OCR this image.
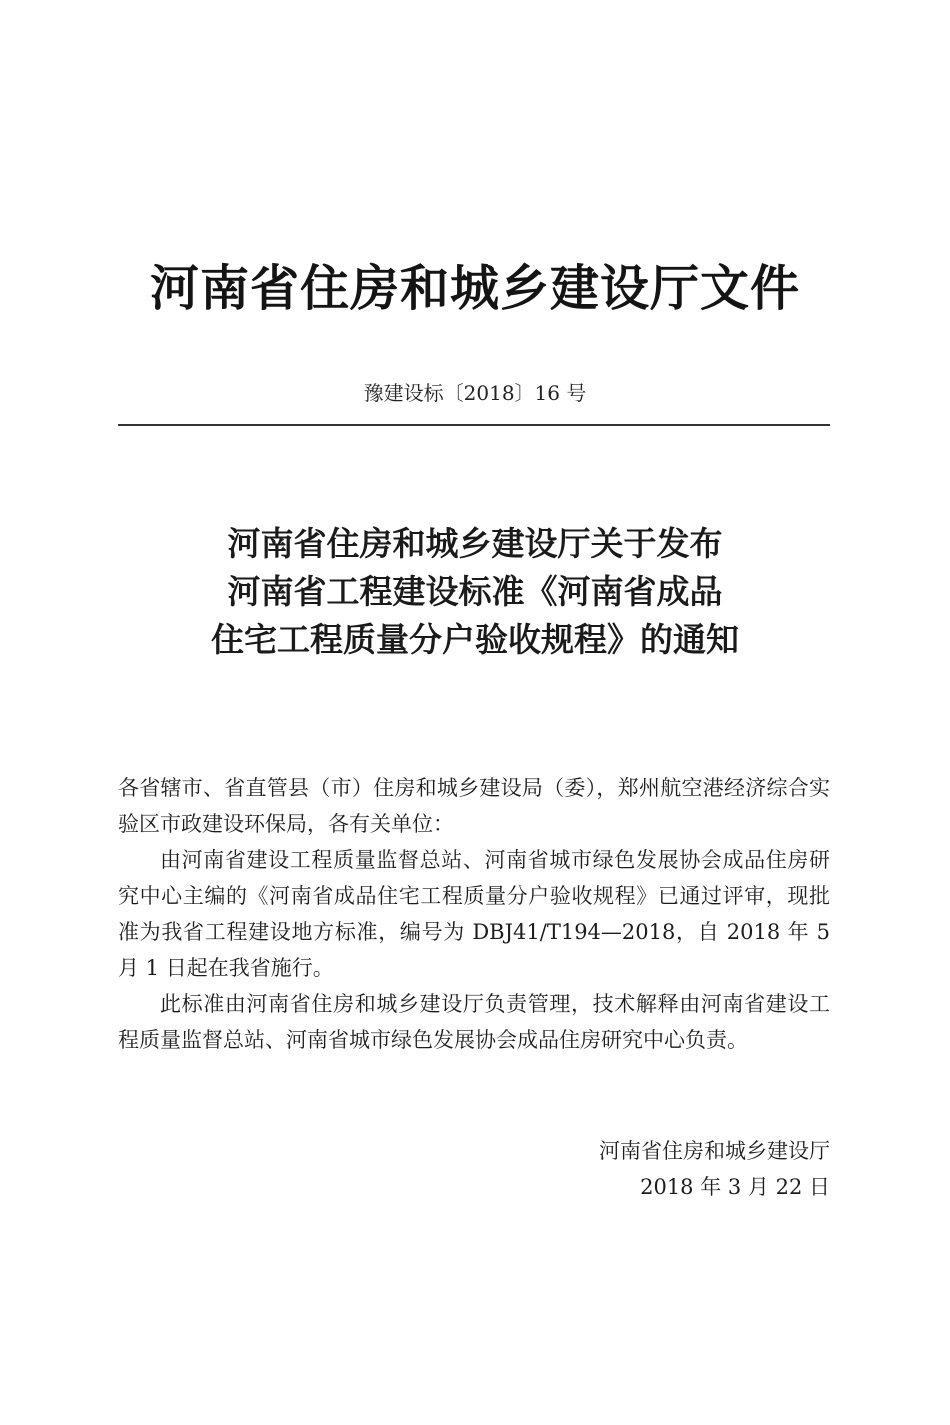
河南省住房和城乡建设厅文件
豫建设标〔2018〕16 号
河南省住房和城乡建设厅关于发布
河南省工程建设标准《河南省成品
住宅工程质量分户验收规程》的通知

各省辖市、省直管县（市）住房和城乡建设局（委），郑州航空港经济综合实验区市政建设环保局，各有关单位：

由河南省建设工程质量监督总站、河南省城市绿色发展协会成品住房研究中心主编的《河南省成品住宅工程质量分户验收规程》已通过评审，现批准为我省工程建设地方标准，编号为 DBJ41/T194—2018，自 2018 年 5 月 1 日起在我省施行。

此标准由河南省住房和城乡建设厅负责管理，技术解释由河南省建设工程质量监督总站、河南省城市绿色发展协会成品住房研究中心负责。

河南省住房和城乡建设厅
2018 年 3 月 22 日
